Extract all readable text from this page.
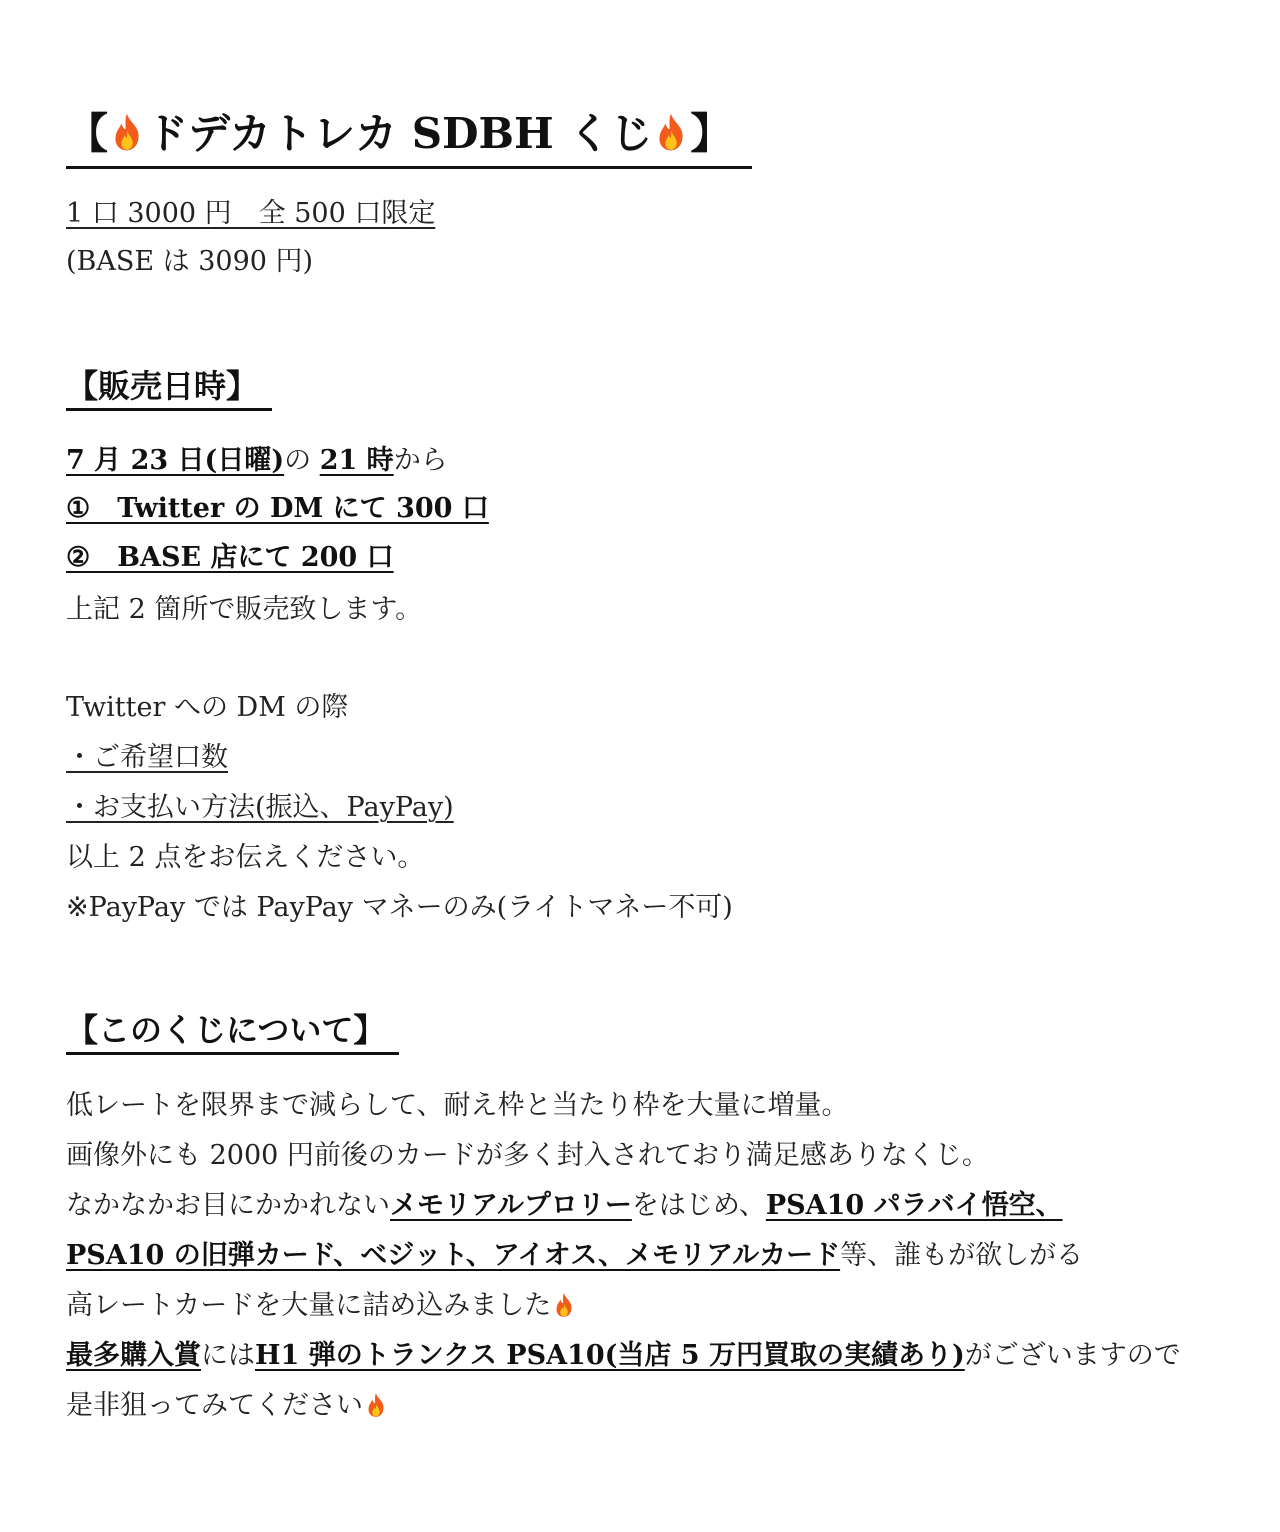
【 ドデカトレカ SDBH くじ 】
1 口 3000 円　全 500 口限定
(BASE は 3090 円)
【販売日時】
7 月 23 日(日曜)の 21 時から
①　Twitter の DM にて 300 口
②　BASE 店にて 200 口
上記 2 箇所で販売致します。
Twitter への DM の際
・ご希望口数
・お支払い方法(振込、PayPay)
以上 2 点をお伝えください。
※PayPay では PayPay マネーのみ(ライトマネー不可)
【このくじについて】
低レートを限界まで減らして、耐え枠と当たり枠を大量に増量。
画像外にも 2000 円前後のカードが多く封入されており満足感ありなくじ。
なかなかお目にかかれないメモリアルプロリーをはじめ、PSA10 パラバイ悟空、
PSA10 の旧弾カード、ベジット、アイオス、メモリアルカード等、誰もが欲しがる
高レートカードを大量に詰め込みました
最多購入賞にはH1 弾のトランクス PSA10(当店 5 万円買取の実績あり)がございますので
是非狙ってみてください
